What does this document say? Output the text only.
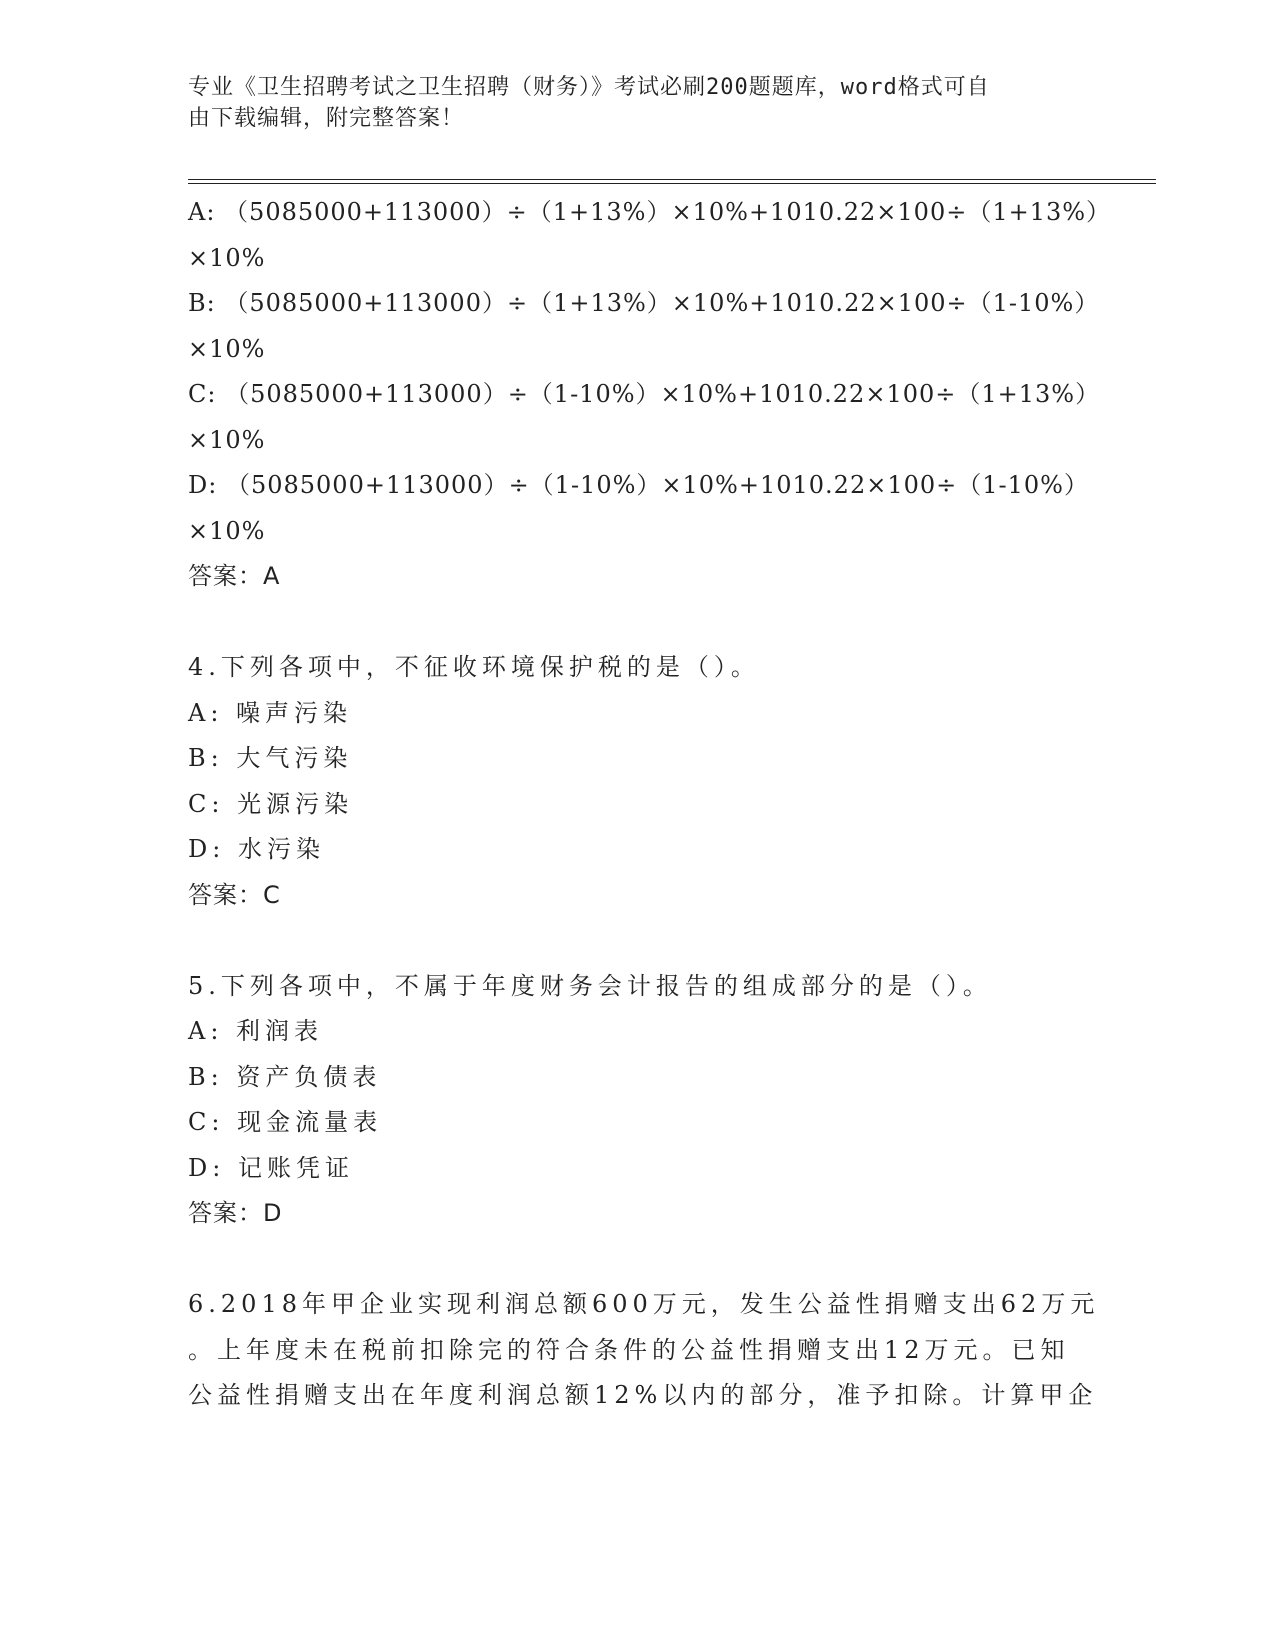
专业《卫生招聘考试之卫生招聘（财务）》考试必刷200题题库，word格式可自
由下载编辑，附完整答案！
A: （5085000+113000）÷（1+13%）×10%+1010.22×100÷（1+13%）
×10%
B: （5085000+113000）÷（1+13%）×10%+1010.22×100÷（1-10%）
×10%
C: （5085000+113000）÷（1-10%）×10%+1010.22×100÷（1+13%）
×10%
D: （5085000+113000）÷（1-10%）×10%+1010.22×100÷（1-10%）
×10%
答案：A
4.下列各项中，不征收环境保护税的是（）。
A: 噪声污染
B: 大气污染
C: 光源污染
D: 水污染
答案：C
5.下列各项中，不属于年度财务会计报告的组成部分的是（）。
A: 利润表
B: 资产负债表
C: 现金流量表
D: 记账凭证
答案：D
6.2018年甲企业实现利润总额600万元，发生公益性捐赠支出62万元
。上年度未在税前扣除完的符合条件的公益性捐赠支出12万元。已知
公益性捐赠支出在年度利润总额12%以内的部分，准予扣除。计算甲企
